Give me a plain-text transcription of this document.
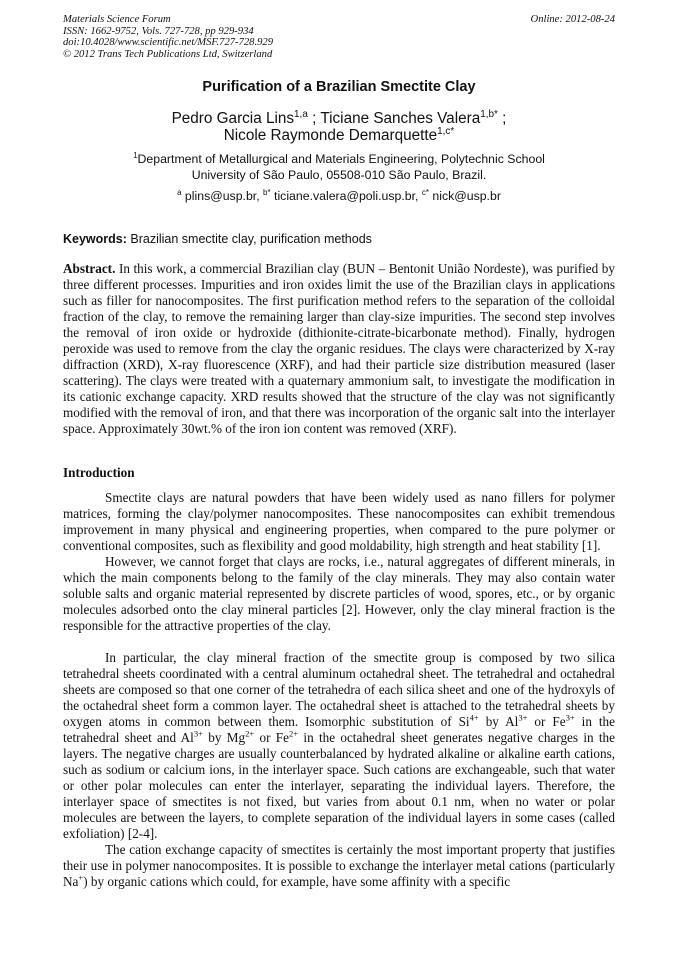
Materials Science Forum
ISSN: 1662-9752, Vols. 727-728, pp 929-934
doi:10.4028/www.scientific.net/MSF.727-728.929
© 2012 Trans Tech Publications Ltd, Switzerland
Online: 2012-08-24
Purification of a Brazilian Smectite Clay
Pedro Garcia Lins$^{1,a}$ ; Ticiane Sanches Valera$^{1,b*}$ ;
Nicole Raymonde Demarquette$^{1,c*}$
$^1$Department of Metallurgical and Materials Engineering, Polytechnic School
University of São Paulo, 05508-010 São Paulo, Brazil.
$^a$ plins@usp.br, $^{b*}$ ticiane.valera@poli.usp.br, $^{c*}$ nick@usp.br
Keywords: Brazilian smectite clay, purification methods

Abstract. In this work, a commercial Brazilian clay (BUN – Bentonit União Nordeste), was purified by three different processes. Impurities and iron oxides limit the use of the Brazilian clays in applications such as filler for nanocomposites. The first purification method refers to the separation of the colloidal fraction of the clay, to remove the remaining larger than clay-size impurities. The second step involves the removal of iron oxide or hydroxide (dithionite-citrate-bicarbonate method). Finally, hydrogen peroxide was used to remove from the clay the organic residues. The clays were characterized by X-ray diffraction (XRD), X-ray fluorescence (XRF), and had their particle size distribution measured (laser scattering). The clays were treated with a quaternary ammonium salt, to investigate the modification in its cationic exchange capacity. XRD results showed that the structure of the clay was not significantly modified with the removal of iron, and that there was incorporation of the organic salt into the interlayer space. Approximately 30wt.% of the iron ion content was removed (XRF).

Introduction

Smectite clays are natural powders that have been widely used as nano fillers for polymer matrices, forming the clay/polymer nanocomposites. These nanocomposites can exhibit tremendous improvement in many physical and engineering properties, when compared to the pure polymer or conventional composites, such as flexibility and good moldability, high strength and heat stability [1].

However, we cannot forget that clays are rocks, i.e., natural aggregates of different minerals, in which the main components belong to the family of the clay minerals. They may also contain water soluble salts and organic material represented by discrete particles of wood, spores, etc., or by organic molecules adsorbed onto the clay mineral particles [2]. However, only the clay mineral fraction is the responsible for the attractive properties of the clay.

In particular, the clay mineral fraction of the smectite group is composed by two silica tetrahedral sheets coordinated with a central aluminum octahedral sheet. The tetrahedral and octahedral sheets are composed so that one corner of the tetrahedra of each silica sheet and one of the hydroxyls of the octahedral sheet form a common layer. The octahedral sheet is attached to the tetrahedral sheets by oxygen atoms in common between them. Isomorphic substitution of $Si^{4+}$ by $Al^{3+}$ or $Fe^{3+}$ in the tetrahedral sheet and $Al^{3+}$ by $Mg^{2+}$ or $Fe^{2+}$ in the octahedral sheet generates negative charges in the layers. The negative charges are usually counterbalanced by hydrated alkaline or alkaline earth cations, such as sodium or calcium ions, in the interlayer space. Such cations are exchangeable, such that water or other polar molecules can enter the interlayer, separating the individual layers. Therefore, the interlayer space of smectites is not fixed, but varies from about 0.1 nm, when no water or polar molecules are between the layers, to complete separation of the individual layers in some cases (called exfoliation) [2-4].

The cation exchange capacity of smectites is certainly the most important property that justifies their use in polymer nanocomposites. It is possible to exchange the interlayer metal cations (particularly Na+) by organic cations which could, for example, have some affinity with a specific
